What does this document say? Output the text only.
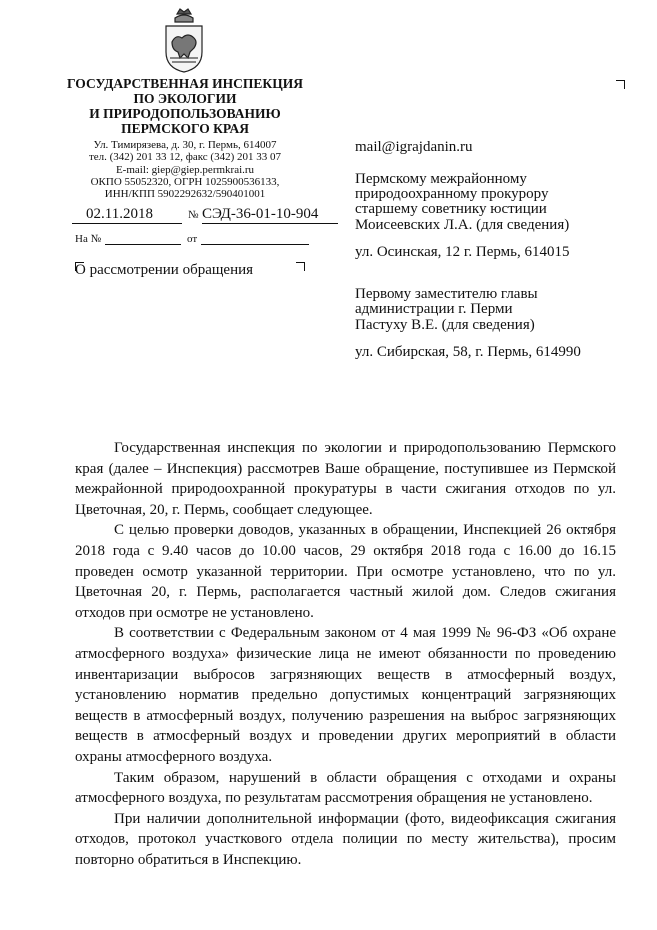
ГОСУДАРСТВЕННАЯ ИНСПЕКЦИЯ
ПО ЭКОЛОГИИ
И ПРИРОДОПОЛЬЗОВАНИЮ
ПЕРМСКОГО КРАЯ
Ул. Тимирязева, д. 30, г. Пермь, 614007
тел. (342) 201 33 12, факс (342) 201 33 07
E-mail: giep@giep.permkrai.ru
ОКПО 55052320, ОГРН 1025900536133,
ИНН/КПП 5902292632/590401001
02.11.2018	№ СЭД-36-01-10-904
На №	от
О рассмотрении обращения
mail@igrajdanin.ru
Пермскому межрайонному
природоохранному прокурору
старшему советнику юстиции
Моисеевских Л.А. (для сведения)
ул. Осинская, 12 г. Пермь, 614015
Первому заместителю главы
администрации г. Перми
Пастуху В.Е. (для сведения)
ул. Сибирская, 58, г. Пермь, 614990

Государственная инспекция по экологии и природопользованию Пермского края (далее – Инспекция) рассмотрев Ваше обращение, поступившее из Пермской межрайонной природоохранной прокуратуры в части сжигания отходов по ул. Цветочная, 20, г. Пермь, сообщает следующее.

С целью проверки доводов, указанных в обращении, Инспекцией 26 октября 2018 года с 9.40 часов до 10.00 часов, 29 октября 2018 года с 16.00 до 16.15 проведен осмотр указанной территории. При осмотре установлено, что по ул. Цветочная 20, г. Пермь, располагается частный жилой дом. Следов сжигания отходов при осмотре не установлено.

В соответствии с Федеральным законом от 4 мая 1999 № 96-ФЗ «Об охране атмосферного воздуха» физические лица не имеют обязанности по проведению инвентаризации выбросов загрязняющих веществ в атмосферный воздух, установлению норматив предельно допустимых концентраций загрязняющих веществ в атмосферный воздух, получению разрешения на выброс загрязняющих веществ в атмосферный воздух и проведении других мероприятий в области охраны атмосферного воздуха.

Таким образом, нарушений в области обращения с отходами и охраны атмосферного воздуха, по результатам рассмотрения обращения не установлено.

При наличии дополнительной информации (фото, видеофиксация сжигания отходов, протокол участкового отдела полиции по месту жительства), просим повторно обратиться в Инспекцию.
